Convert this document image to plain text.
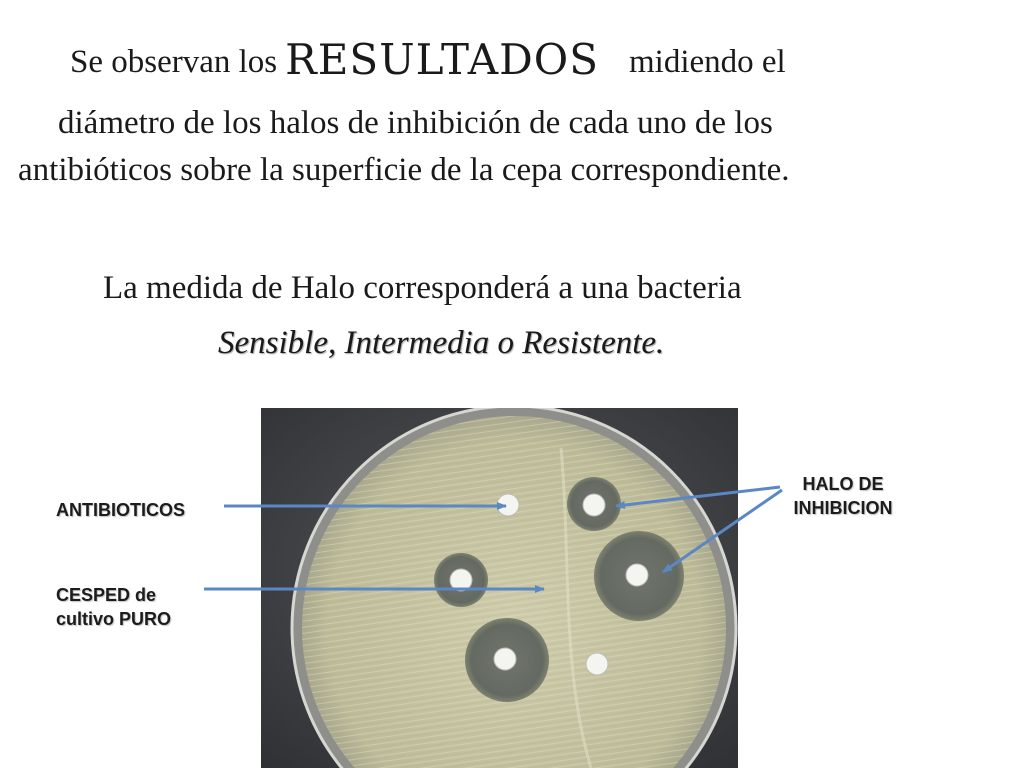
Se observan los RESULTADOS midiendo el
diámetro de los halos de inhibición de cada uno de los
antibióticos sobre la superficie de la cepa correspondiente.
La medida de Halo corresponderá a una bacteria
Sensible, Intermedia o Resistente.
ANTIBIOTICOS
CESPED de cultivo PURO
HALO DE INHIBICION
